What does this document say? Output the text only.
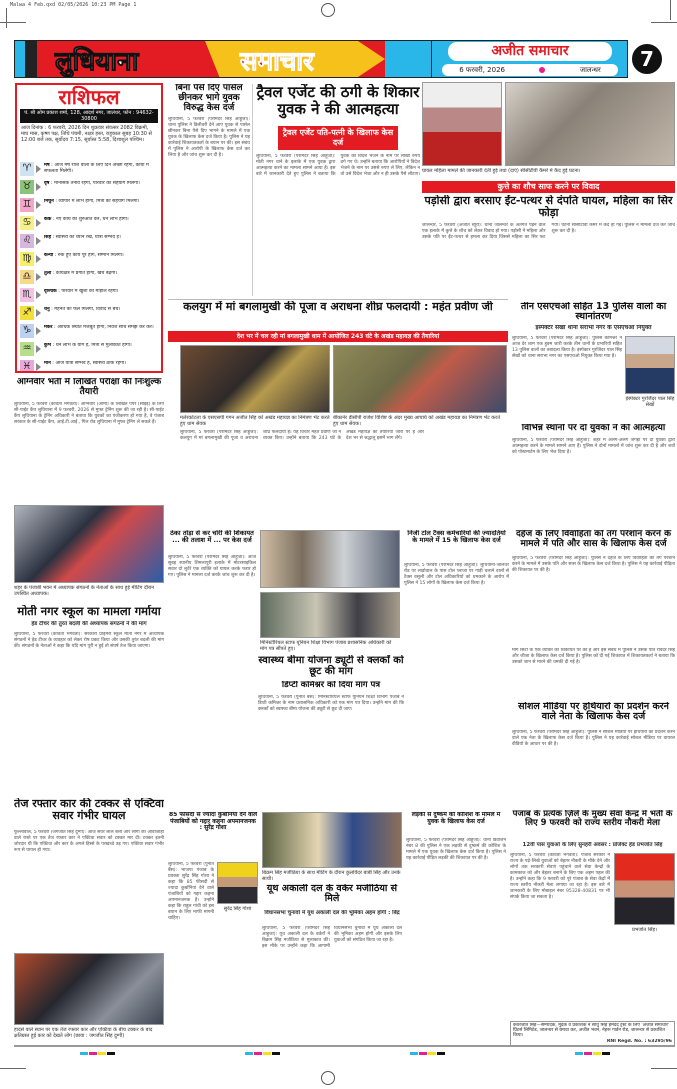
Malwa 4 Feb.qxd 02/05/2026 10:23 PM Page 1
लुधियाना	समाचार	अजीत समाचार
6 फरवरी, 2026	जालन्धर	7
राशिफल
पं. श्री ओम प्रकाश शर्मा, 128, आदर्श नगर, जालंधर, फोन : 94632-30800
आज दिनांक : 6 फरवरी, 2026 दिन शुक्रवार संवत्सर 2082 विक्रमी, माघ मास, कृष्ण पक्ष, तिथि पंचमी, नक्षत्र हस्त, राहुकाल सुबह 10:30 से 12:00 बजे तक, सूर्योदय 7:15, सूर्यास्त 5:58, दिशाशूल पश्चिम।
♈	मेष : आज मेष राशि वालों के लिए दिन अच्छा रहेगा, कार्यों में सफलता मिलेगी।
♉	वृष : मानसिक तनाव रहेगा, परिवार का सहयोग मिलेगा।
♊	मिथुन : व्यापार में लाभ होगा, मित्रों का सहयोग मिलेगा।
♋	कर्क : नए कार्य की शुरुआत करें, धन लाभ होगा।
♌	सिंह : स्वास्थ्य का ध्यान रखें, यात्रा सम्भव है।
♍	कन्या : रुके हुए कार्य पूरे होंगे, सम्मान मिलेगा।
♎	तुला : कार्यक्षेत्र में प्रगति होगी, खर्च बढ़ेगा।
♏	वृश्चिक : परिवार में खुशी का माहौल रहेगा।
♐	धनु : मेहनत का फल मिलेगा, विवाद से बचें।
♑	मकर : आर्थिक स्थिति मजबूत होगी, निवेश सोच समझ कर करें।
♒	कुंभ : धन लाभ के योग हैं, मित्रों से मुलाकात होगी।
♓	मीन : आज यात्रा सम्भव है, स्वास्थ्य ठीक रहेगा।
बिना पैसे दिए पार्सल छीनकर भागे युवक विरुद्ध केस दर्ज
लुधियाना, 5 फरवरी (परमिंदर सिंह आहूजा): थाना पुलिस ने डिलीवरी देने आए युवक से पार्सल छीनकर बिना पैसे दिए भागने के मामले में एक युवक के खिलाफ केस दर्ज किया है। पुलिस ने यह कार्रवाई शिकायतकर्ता के बयान पर की। इस संबंध में पुलिस ने आरोपी के खिलाफ केस दर्ज कर लिया है और जांच शुरू कर दी है।
ट्रैवल एजेंट की ठगी के शिकार युवक ने की आत्महत्या
ट्रैवल एजेंट पति-पत्नी के खिलाफ केस दर्ज
लुधियाना, 5 फरवरी (परमिंदर सिंह आहूजा): मोती नगर थाने के इलाके में एक युवक द्वारा आत्महत्या करने का मामला सामने आया है। इस बारे में जानकारी देते हुए पुलिस ने बताया कि युवक को विदेश भेजने के नाम पर लाखों रुपये ठगे गए थे। उन्होंने बताया कि आरोपियों ने विदेश भेजने के नाम पर उससे रुपए ले लिए, लेकिन न तो उसे विदेश भेजा और न ही उसके पैसे लौटाए।
घायल महिला मामले की जानकारी देती हुई तथा (दाएं) सीसीटीवी कैमरे में कैद हुई घटना।
कुत्ते का शौच साफ करने पर विवाद
पड़ोसी द्वारा बरसाए ईंट-पत्थर से दंपति घायल, महिला का सिर फोड़ा
जालन्धर, 5 फरवरी (अजीत ब्यूरो): थाना जालन्धर के अंतर्गत पड़ने वाले एक इलाके में कुत्ते के शौच को लेकर विवाद हो गया। पड़ोसी ने महिला और उसके पति पर ईंट-पत्थर से हमला कर दिया जिससे महिला का सिर फट गया। घटना सीसीटीवी कैमरे में कैद हो गई। पुलिस ने मामला दर्ज कर जांच शुरू कर दी है।
कलयुग में मां बगलामुखी की पूजा व अराधना शीघ्र फलदायी : महंत प्रवीण जी
देश भर में चल रही मां बगलामुखी धाम में आयोजित 243 घंटे के अखंड महायज्ञ की तैयारियां
मलेरकोटला के एसएसपी गगन अजीत सिंह को अखंड महायज्ञ का निमंत्रण भेंट करते हुए धाम सेवक
बीकानेर डीसीपी राजेश विशिष्ट के अंदर मुख्य आचार्य को अखंड महायज्ञ का निमंत्रण भेंट करते हुए धाम सेवक।
लुधियाना, 5 फरवरी (परमिंदर सिंह आहूजा): कलयुग में मां बगलामुखी की पूजा व अराधना शीघ्र फलदायी है। यह विचार महंत प्रवीण जी ने व्यक्त किए। उन्होंने बताया कि 243 घंटे के अखंड महायज्ञ की तैयारियां जोरों पर हैं और देश भर से श्रद्धालु इसमें भाग लेंगे।
तीन एसएचओ सहित 13 पुलिस वालों का स्थानांतरण
इंस्पेक्टर सेखों थाना सराभा नगर के एसएचओ नियुक्त
लुधियाना, 5 फरवरी (परमिंदर सिंह आहूजा): पुलिस कमिश्नर ने आज देर शाम एक हुक्म जारी करके तीन थानों के प्रभारियों सहित 13 पुलिस वालों का तबादला किया है। इंस्पेक्टर गुरजिंदर पाल सिंह सेखों को थाना सराभा नगर का एसएचओ नियुक्त किया गया है।
इंस्पेक्टर गुरजिंदर पाल सिंह सेखों
विभिन्न स्थानों पर दो युवकों ने की आत्महत्या
लुधियाना, 5 फरवरी (परमिंदर सिंह आहूजा): शहर में अलग-अलग जगहों पर दो युवकों द्वारा आत्महत्या करने के मामले सामने आए हैं। पुलिस ने दोनों मामलों में जांच शुरू कर दी है और शवों को पोस्टमार्टम के लिए भेज दिया है।
दहेज के लिए विवाहिता को तंग परेशान करने के मामले में पति और सास के खिलाफ केस दर्ज
लुधियाना, 5 फरवरी (परमिंदर सिंह आहूजा): पुलिस ने दहेज के लिए विवाहिता को तंग परेशान करने के मामले में उसके पति और सास के खिलाफ केस दर्ज किया है। पुलिस ने यह कार्रवाई पीड़िता की शिकायत पर की है।
अग्निवीर भर्ती में लिखित परीक्षा की निःशुल्क तैयारी
लुधियाना, 5 फरवरी (कविता भगवती): अग्निवीर (आर्मी) के लिखित पेपर (सीईई) के लिए सी-पाईट कैंप लुधियाना में 9 फरवरी, 2026 से मुफ्त ट्रेनिंग शुरू की जा रही है। सी-पाईट कैंप लुधियाना के ट्रेनिंग अधिकारी ने बताया कि युवकों का पंजीकरण हो गया है, वे पंजाब सरकार के सी-पाईट कैंप, आई.टी.आई., गिल रोड लुधियाना में मुफ्त ट्रेनिंग ले सकते हैं।
शहर के पंजाबी भवन में अध्यापक संगठनों के नेताओं के साथ हुई मीटिंग दौरान उपस्थित अध्यापक।
मोती नगर स्कूल का मामला गर्माया
हेड टीचर की तुरंत बदली की अध्यापक संगठनों ने की मांग
लुधियाना, 5 फरवरी (कविता भगवती): सरकारी प्राइमरी स्कूल मोती नगर में अध्यापक संगठनों ने हेड टीचर के व्यवहार को लेकर रोष प्रकट किया और उसकी तुरंत बदली की मांग की। संगठनों के नेताओं ने कहा कि यदि मांग पूरी न हुई तो संघर्ष तेज किया जाएगा।
ठेका तोड़ा से कर चोरी की शिकायत ... की तलाश में ... पर केस दर्ज
लुधियाना, 5 फरवरी (परमिंदर सिंह आहूजा): आज सुबह स्थानीय शिमलापुरी इलाके में मोटरसाइकिल सवार दो लुटेरे एक व्यक्ति को घायल करके फरार हो गए। पुलिस ने मामला दर्ज करके जांच शुरू कर दी है।
निजी टोल टैक्स कर्मचारियों की ज्यादतियों के मामले में 15 के खिलाफ केस दर्ज
लुधियाना, 5 फरवरी (परमिंदर सिंह आहूजा): लुधियाना-जालंधर रोड पर लाडोवाल के पास टोल प्लाजा पर गाड़ी चलाने वालों से टैक्स वसूली और टोल अधिकारियों को धमकाने के आरोप में पुलिस ने 15 लोगों के खिलाफ केस दर्ज किया है।
मिनिस्टीरियल स्टाफ यूनियन शिक्षा विभाग पंजाब प्रशासनिक अधिकारी को मांग पत्र सौंपते हुए।
स्वास्थ्य बीमा योजना ड्यूटी से क्लर्कों को छूट की मांग
डिप्टी कमिश्नर को दिया मांग पत्र
लुधियाना, 5 फरवरी (पुनीत बैंस): मिनिस्टीरियल स्टाफ यूनियन शिक्षा विभाग पंजाब ने डिप्टी कमिश्नर के नाम प्रशासनिक अधिकारी को एक मांग पत्र दिया। उन्होंने मांग की कि क्लर्कों को स्वास्थ्य बीमा योजना की ड्यूटी से छूट दी जाए।
मार्ग सिटी के एक व्यक्ति की शिकायत पर की है और इस संबंध में पुलिस ने उसके पति रविंदर सिंह और जीजा के खिलाफ केस दर्ज किया है। पुलिस को दी गई शिकायत में शिकायतकर्ता ने बताया कि उसको जान से मारने की धमकी दी गई है।
सोशल मीडिया पर हथियारों का प्रदर्शन करने वाले नेता के खिलाफ केस दर्ज
लुधियाना, 5 फरवरी (परमिंदर सिंह आहूजा): पुलिस ने सोशल मीडिया पर हथियारों का प्रदर्शन करने वाले एक नेता के खिलाफ केस दर्ज किया है। पुलिस ने यह कार्रवाई सोशल मीडिया पर वायरल वीडियो के आधार पर की है।
तेज रफ्तार कार की टक्कर से एक्टिवा सवार गंभीर घायल
फुल्लांवाल, 5 फरवरी (जगजीत सिंह दुग्गी): आज सवेरे लाल बत्ती और लोगों की आवाजाही वाले रास्ते पर एक तेज रफ्तार कार ने एक्टिवा सवार को टक्कर मार दी। टक्कर इतनी जोरदार थी कि एक्टिवा और कार के अगले हिस्से के परखच्चे उड़ गए। एक्टिवा सवार गंभीर रूप से घायल हो गया।
हादसे वाले स्थान पर एक तेज रफ्तार कार और एक्टिवा के बीच टक्कर के बाद क्षतिग्रस्त हुई कार को देखते लोग (छाया : जगजीत सिंह दुग्गी)
85 फीसदी से ज्यादा कुर्बानियां देने वाले पंजाबियों को गद्दार कहना अपमानजनक : सुरेंद्र गोशा
लुधियाना, 5 फरवरी (पुनीत बैंस): भाजपा पंजाब के प्रवक्ता सुरेंद्र सिंह गोशा ने कहा कि 85 फीसदी से ज्यादा कुर्बानियां देने वाले पंजाबियों को गद्दार कहना अपमानजनक है। उन्होंने कहा कि राहुल गांधी को इस बयान के लिए माफी मांगनी चाहिए।
सुरेंद्र सिंह गोशा
बिक्रम सिंह मजीठिया के साथ मीटिंग के दौरान कुलविंदर बाबी सिंह और उनके साथी।
यूथ अकाली दल के वर्कर मजीठिया से मिले
विधानसभा चुनावों में यूथ अकाली दल की भूमिका अहम होगी : बिंद्र
लुधियाना, 5 फरवरी (परमिंदर सिंह आहूजा): यूथ अकाली दल के वर्करों ने बिक्रम सिंह मजीठिया से मुलाकात की। इस मौके पर उन्होंने कहा कि आगामी विधानसभा चुनावों में यूथ अकाली दल की भूमिका अहम होगी और इसके लिए युवाओं को संगठित किया जा रहा है।
लड़की से दुष्कर्म की कोशिश के मामले में युवक के खिलाफ केस दर्ज
लुधियाना, 5 फरवरी (परमिंदर सिंह आहूजा): थाना डिवीजन नंबर 8 की पुलिस ने एक लड़की से दुष्कर्म की कोशिश के मामले में एक युवक के खिलाफ केस दर्ज किया है। पुलिस ने यह कार्रवाई पीड़ित लड़की की शिकायत पर की है।
पंजाब के प्रत्येक ज़िले के मुख्य सेवा केन्द्र में भर्ती के लिए 9 फरवरी को राज्य स्तरीय नौकरी मेला
12वीं पास युवाओं के लिए सुनहरी अवसर : प्रोजेक्ट हेड प्रभजोत सिंह
लुधियाना, 5 फरवरी (कविता भगवती): पंजाब सरकार ने राज्य के पढ़े-लिखे युवाओं को बेहतर नौकरी के मौके देने और लोगों तक सरकारी सेवाएं पहुंचाने वाले सेवा केन्द्रों के कामकाज को और बेहतर बनाने के लिए एक अहम पहल की है। उन्होंने कहा कि 9 फरवरी को पूरे पंजाब के सेवा केंद्रों में राज्य स्तरीय नौकरी मेला लगाया जा रहा है। इस बारे में जानकारी के लिए मोबाइल नंबर 95328-40831 पर भी संपर्क किया जा सकता है।
प्रभजोत सिंह।
कॅवरजीत सिंह—सम्पादक, मुद्रक व प्रकाशक ने साधु सिंह हमदर्द ट्रस्ट के लिए 'अजीत समाचार' प्रिंटर्स लिमिटेड, जालन्धर से छपवा कर, अजीत भवन, नेहरू गार्डन रोड, जालन्धर से प्रकाशित किया।
RNI Regd. No. : 63295/96
